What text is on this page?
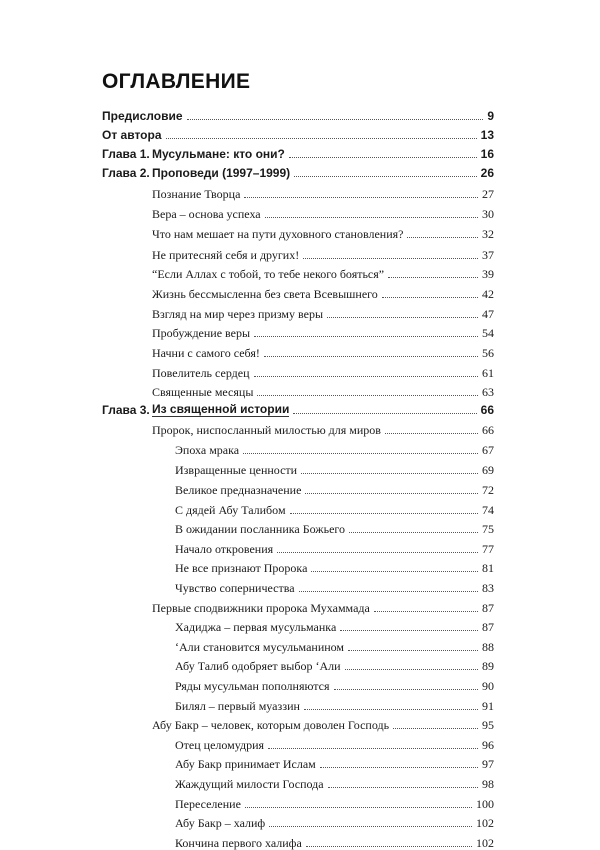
ОГЛАВЛЕНИЕ
Предисловие	9
От автора	13
Глава 1. Мусульмане: кто они?	16
Глава 2. Проповеди (1997–1999)	26
Познание Творца	27
Вера – основа успеха	30
Что нам мешает на пути духовного становления?	32
Не притесняй себя и других!	37
“Если Аллах с тобой, то тебе некого бояться”	39
Жизнь бессмысленна без света Всевышнего	42
Взгляд на мир через призму веры	47
Пробуждение веры	54
Начни с самого себя!	56
Повелитель сердец	61
Священные месяцы	63
Глава 3. Из священной истории	66
Пророк, ниспосланный милостью для миров	66
Эпоха мрака	67
Извращенные ценности	69
Великое предназначение	72
С дядей Абу Талибом	74
В ожидании посланника Божьего	75
Начало откровения	77
Не все признают Пророка	81
Чувство соперничества	83
Первые сподвижники пророка Мухаммада	87
Хадиджа – первая мусульманка	87
‘Али становится мусульманином	88
Абу Талиб одобряет выбор ‘Али	89
Ряды мусульман пополняются	90
Билял – первый муаззин	91
Абу Бакр – человек, которым доволен Господь	95
Отец целомудрия	96
Абу Бакр принимает Ислам	97
Жаждущий милости Господа	98
Переселение	100
Абу Бакр – халиф	102
Кончина первого халифа	102
